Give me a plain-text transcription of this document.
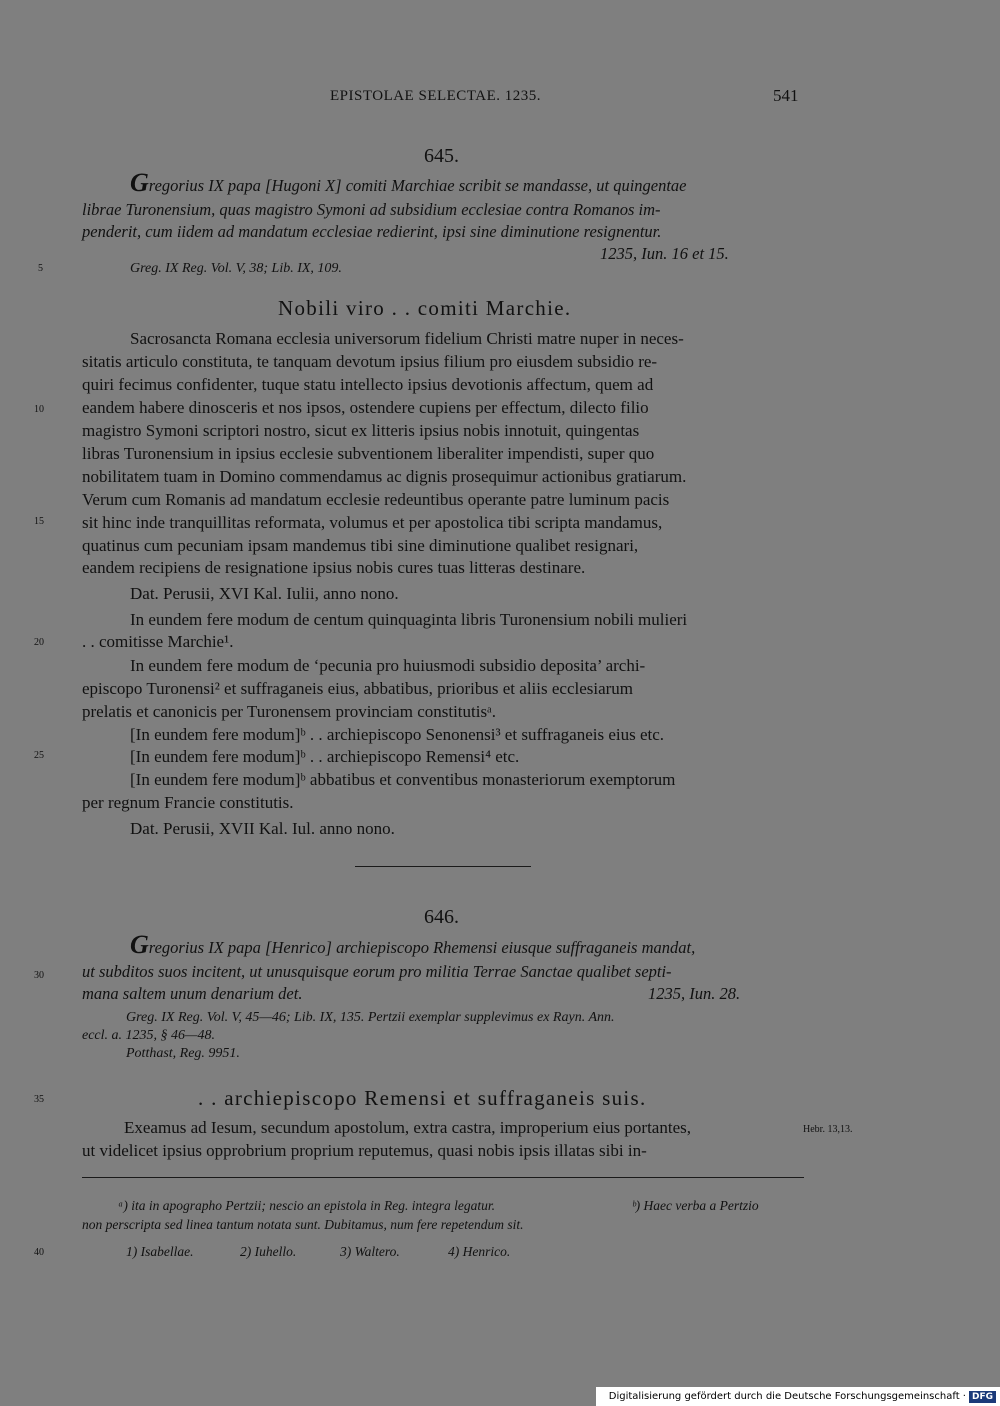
EPISTOLAE SELECTAE. 1235.	541
5
10
15
20
25
30
35
40
645.
Gregorius IX papa [Hugoni X] comiti Marchiae scribit se mandasse, ut quingentae
librae Turonensium, quas magistro Symoni ad subsidium ecclesiae contra Romanos im-
penderit, cum iidem ad mandatum ecclesiae redierint, ipsi sine diminutione resignentur.
1235, Iun. 16 et 15.
Greg. IX Reg. Vol. V, 38; Lib. IX, 109.
Nobili viro . . comiti Marchie.
Sacrosancta Romana ecclesia universorum fidelium Christi matre nuper in neces-
sitatis articulo constituta, te tanquam devotum ipsius filium pro eiusdem subsidio re-
quiri fecimus confidenter, tuque statu intellecto ipsius devotionis affectum, quem ad
eandem habere dinosceris et nos ipsos, ostendere cupiens per effectum, dilecto filio
magistro Symoni scriptori nostro, sicut ex litteris ipsius nobis innotuit, quingentas
libras Turonensium in ipsius ecclesie subventionem liberaliter impendisti, super quo
nobilitatem tuam in Domino commendamus ac dignis prosequimur actionibus gratiarum.
Verum cum Romanis ad mandatum ecclesie redeuntibus operante patre luminum pacis
sit hinc inde tranquillitas reformata, volumus et per apostolica tibi scripta mandamus,
quatinus cum pecuniam ipsam mandemus tibi sine diminutione qualibet resignari,
eandem recipiens de resignatione ipsius nobis cures tuas litteras destinare.
Dat. Perusii, XVI Kal. Iulii, anno nono.
In eundem fere modum de centum quinquaginta libris Turonensium nobili mulieri
. . comitisse Marchie¹.
In eundem fere modum de ‘pecunia pro huiusmodi subsidio deposita’ archi-
episcopo Turonensi² et suffraganeis eius, abbatibus, prioribus et aliis ecclesiarum
prelatis et canonicis per Turonensem provinciam constitutisᵃ.
[In eundem fere modum]ᵇ . . archiepiscopo Senonensi³ et suffraganeis eius etc.
[In eundem fere modum]ᵇ . . archiepiscopo Remensi⁴ etc.
[In eundem fere modum]ᵇ abbatibus et conventibus monasteriorum exemptorum
per regnum Francie constitutis.
Dat. Perusii, XVII Kal. Iul. anno nono.
646.
Gregorius IX papa [Henrico] archiepiscopo Rhemensi eiusque suffraganeis mandat,
ut subditos suos incitent, ut unusquisque eorum pro militia Terrae Sanctae qualibet septi-
mana saltem unum denarium det.	1235, Iun. 28.
Greg. IX Reg. Vol. V, 45—46; Lib. IX, 135. Pertzii exemplar supplevimus ex Rayn. Ann.
eccl. a. 1235, § 46—48.
Potthast, Reg. 9951.
. . archiepiscopo Remensi et suffraganeis suis.
Exeamus ad Iesum, secundum apostolum, extra castra, improperium eius portantes,	Hebr. 13,13.
ut videlicet ipsius opprobrium proprium reputemus, quasi nobis ipsis illatas sibi in-
ᵃ) ita in apographo Pertzii; nescio an epistola in Reg. integra legatur.	ᵇ) Haec verba a Pertzio
non perscripta sed linea tantum notata sunt. Dubitamus, num fere repetendum sit.
1) Isabellae.	2) Iuhello.	3) Waltero.	4) Henrico.
Digitalisierung gefördert durch die Deutsche Forschungsgemeinschaft · DFG
